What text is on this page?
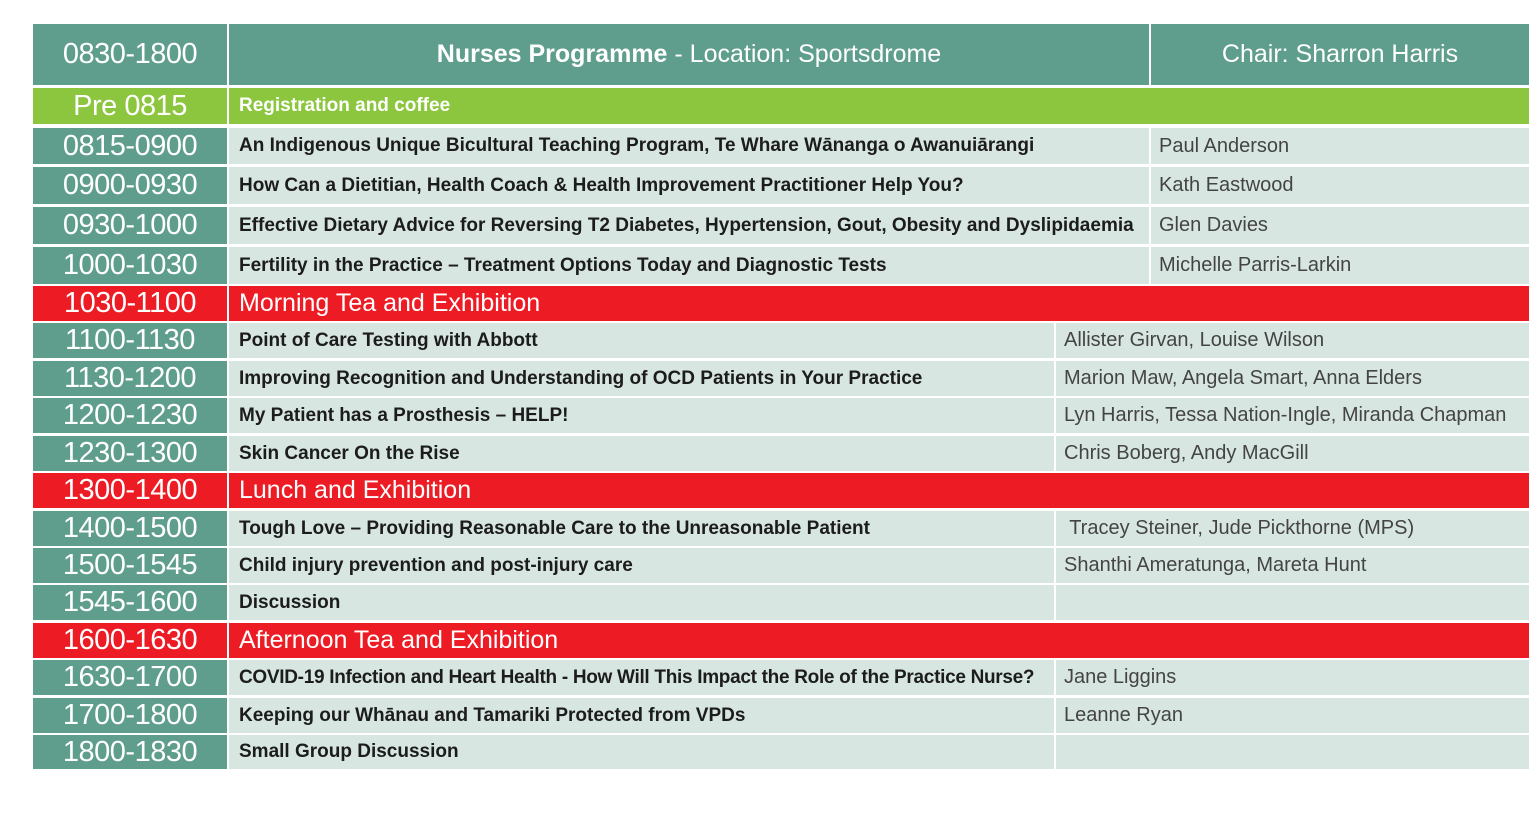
0830-1800	Nurses Programme - Location: Sportsdrome	Chair: Sharron Harris
Pre 0815	Registration and coffee
0815-0900	An Indigenous Unique Bicultural Teaching Program, Te Whare Wānanga o Awanuiārangi	Paul Anderson
0900-0930	How Can a Dietitian, Health Coach & Health Improvement Practitioner Help You?	Kath Eastwood
0930-1000	Effective Dietary Advice for Reversing T2 Diabetes, Hypertension, Gout, Obesity and Dyslipidaemia	Glen Davies
1000-1030	Fertility in the Practice – Treatment Options Today and Diagnostic Tests	Michelle Parris-Larkin
1030-1100	Morning Tea and Exhibition
1100-1130	Point of Care Testing with Abbott	Allister Girvan, Louise Wilson
1130-1200	Improving Recognition and Understanding of OCD Patients in Your Practice	Marion Maw, Angela Smart, Anna Elders
1200-1230	My Patient has a Prosthesis – HELP!	Lyn Harris, Tessa Nation-Ingle, Miranda Chapman
1230-1300	Skin Cancer On the Rise	Chris Boberg, Andy MacGill
1300-1400	Lunch and Exhibition
1400-1500	Tough Love – Providing Reasonable Care to the Unreasonable Patient	Tracey Steiner, Jude Pickthorne (MPS)
1500-1545	Child injury prevention and post-injury care	Shanthi Ameratunga, Mareta Hunt
1545-1600	Discussion
1600-1630	Afternoon Tea and Exhibition
1630-1700	COVID-19 Infection and Heart Health - How Will This Impact the Role of the Practice Nurse?	Jane Liggins
1700-1800	Keeping our Whānau and Tamariki Protected from VPDs	Leanne Ryan
1800-1830	Small Group Discussion
